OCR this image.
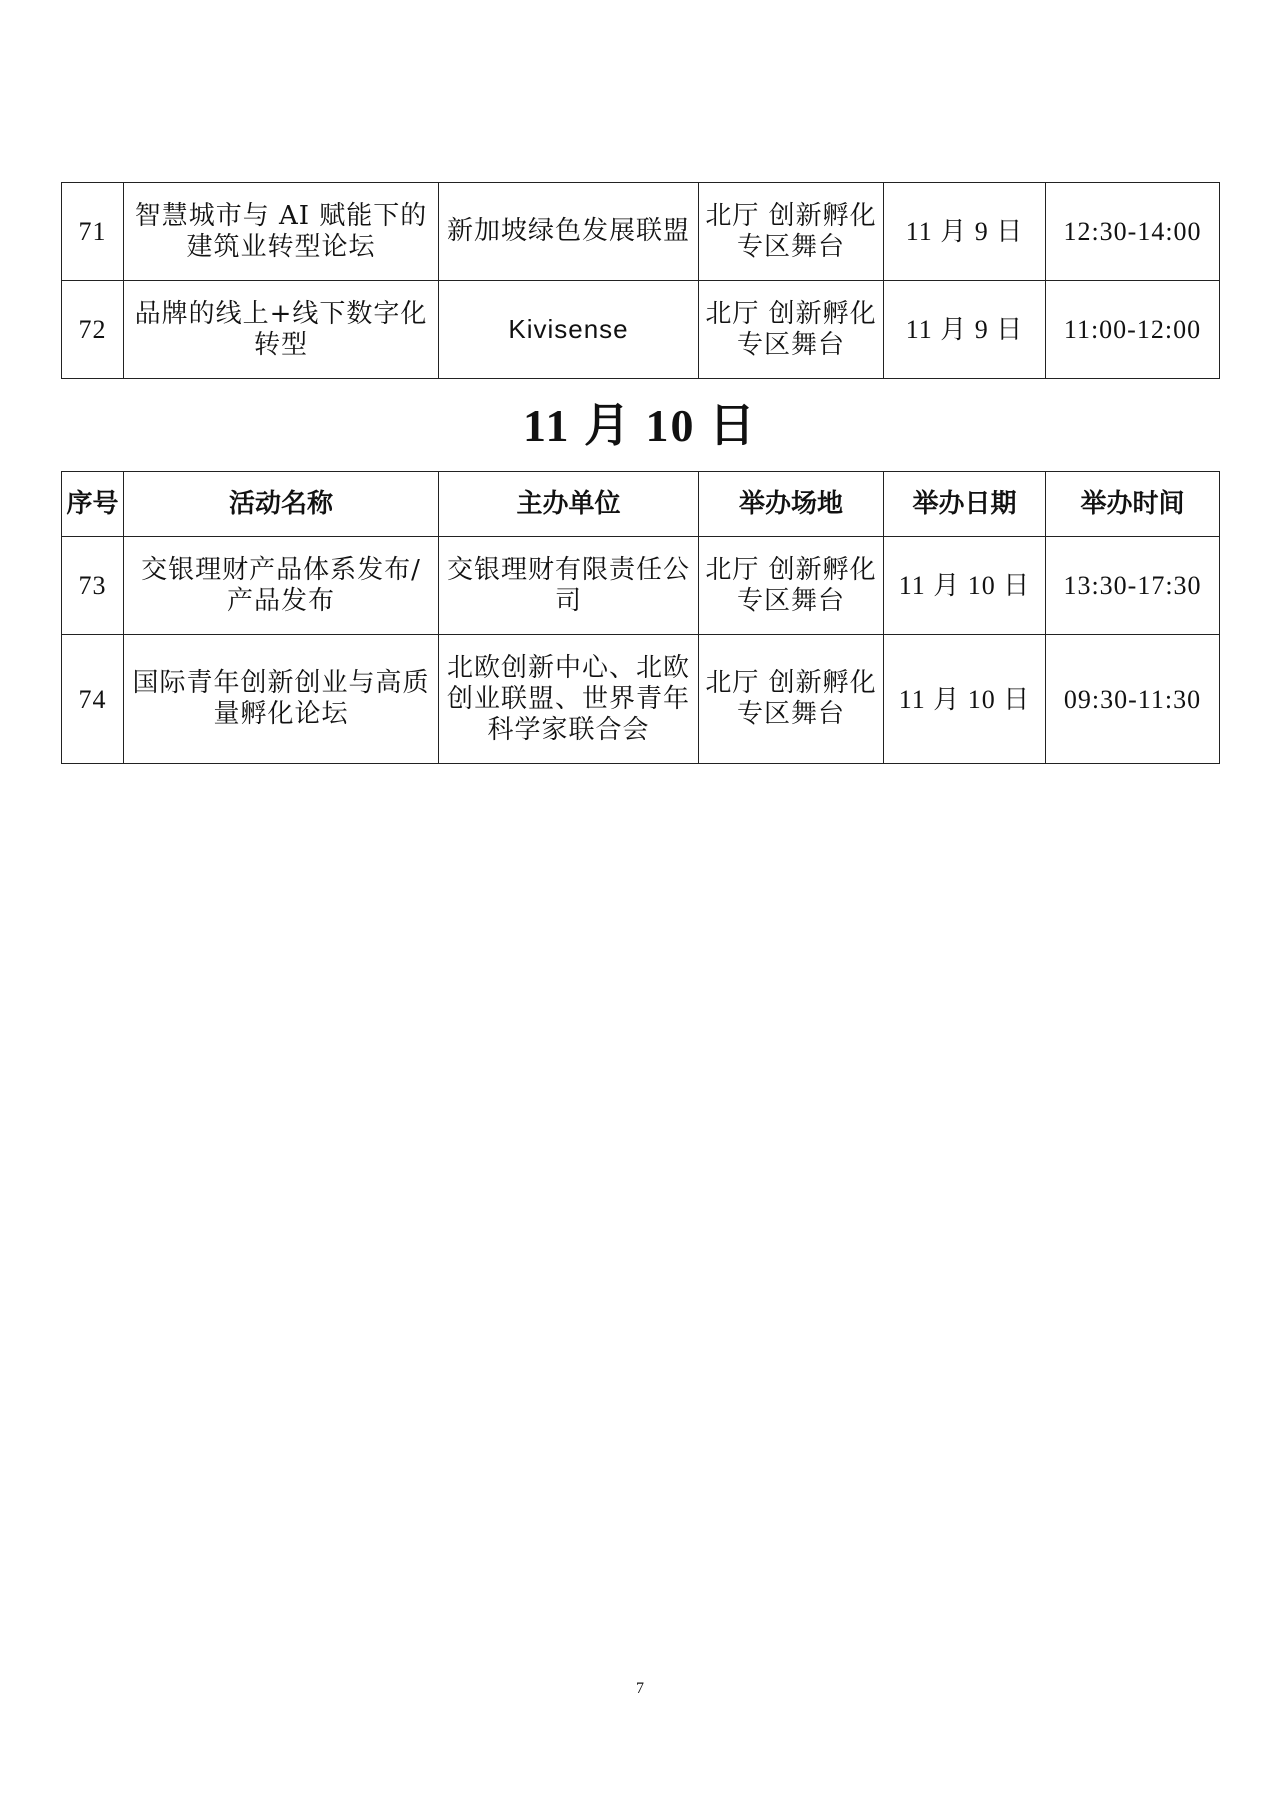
71	智慧城市与 AI 赋能下的建筑业转型论坛	新加坡绿色发展联盟	北厅 创新孵化专区舞台	11 月 9 日	12:30-14:00
72	品牌的线上+线下数字化转型	Kivisense	北厅 创新孵化专区舞台	11 月 9 日	11:00-12:00
11 月 10 日
序号	活动名称	主办单位	举办场地	举办日期	举办时间
73	交银理财产品体系发布/产品发布	交银理财有限责任公司	北厅 创新孵化专区舞台	11 月 10 日	13:30-17:30
74	国际青年创新创业与高质量孵化论坛	北欧创新中心、北欧创业联盟、世界青年科学家联合会	北厅 创新孵化专区舞台	11 月 10 日	09:30-11:30
7
